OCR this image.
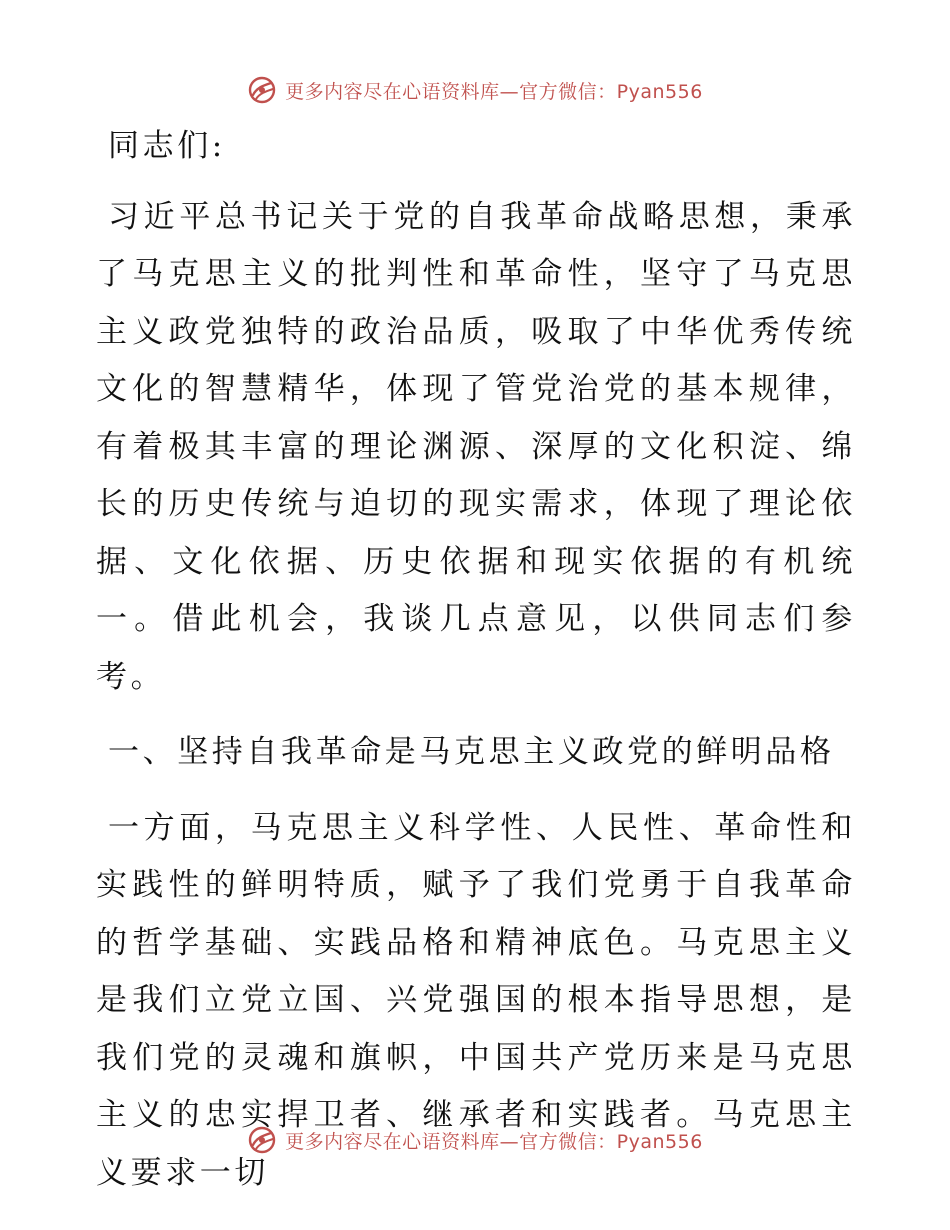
更多内容尽在心语资料库—官方微信：Pyan556

同志们:

习近平总书记关于党的自我革命战略思想，秉承了马克思主义的批判性和革命性，坚守了马克思主义政党独特的政治品质，吸取了中华优秀传统文化的智慧精华，体现了管党治党的基本规律，有着极其丰富的理论渊源、深厚的文化积淀、绵长的历史传统与迫切的现实需求，体现了理论依据、文化依据、历史依据和现实依据的有机统一。借此机会，我谈几点意见，以供同志们参考。

一、坚持自我革命是马克思主义政党的鲜明品格

一方面，马克思主义科学性、人民性、革命性和实践性的鲜明特质，赋予了我们党勇于自我革命的哲学基础、实践品格和精神底色。马克思主义是我们立党立国、兴党强国的根本指导思想，是我们党的灵魂和旗帜，中国共产党历来是马克思主义的忠实捍卫者、继承者和实践者。马克思主义要求一切

更多内容尽在心语资料库—官方微信：Pyan556
